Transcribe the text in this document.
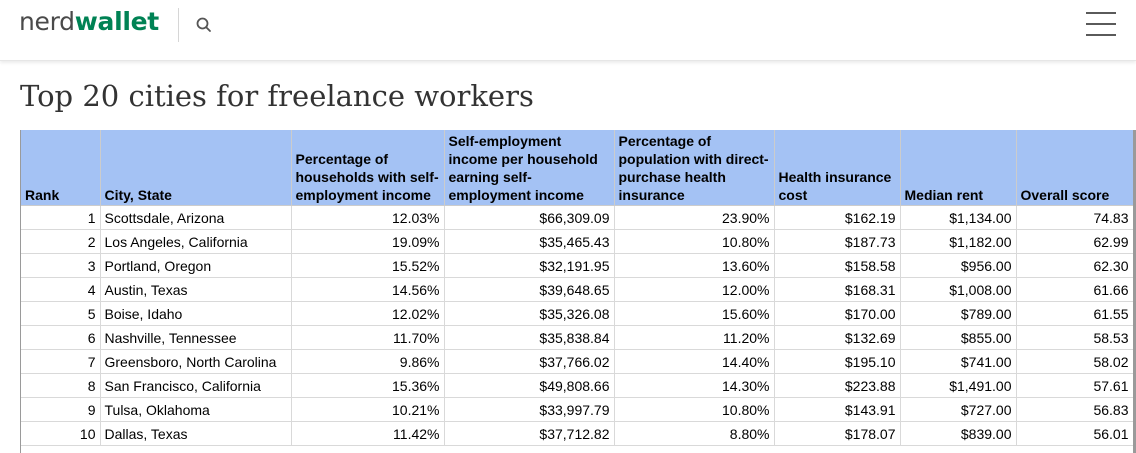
nerdwallet
Top 20 cities for freelance workers
Rank	City, State	Percentage of households with self-employment income	Self-employment income per household earning self-employment income	Percentage of population with direct-purchase health insurance	Health insurance cost	Median rent	Overall score
1	Scottsdale, Arizona	12.03%	$66,309.09	23.90%	$162.19	$1,134.00	74.83
2	Los Angeles, California	19.09%	$35,465.43	10.80%	$187.73	$1,182.00	62.99
3	Portland, Oregon	15.52%	$32,191.95	13.60%	$158.58	$956.00	62.30
4	Austin, Texas	14.56%	$39,648.65	12.00%	$168.31	$1,008.00	61.66
5	Boise, Idaho	12.02%	$35,326.08	15.60%	$170.00	$789.00	61.55
6	Nashville, Tennessee	11.70%	$35,838.84	11.20%	$132.69	$855.00	58.53
7	Greensboro, North Carolina	9.86%	$37,766.02	14.40%	$195.10	$741.00	58.02
8	San Francisco, California	15.36%	$49,808.66	14.30%	$223.88	$1,491.00	57.61
9	Tulsa, Oklahoma	10.21%	$33,997.79	10.80%	$143.91	$727.00	56.83
10	Dallas, Texas	11.42%	$37,712.82	8.80%	$178.07	$839.00	56.01
